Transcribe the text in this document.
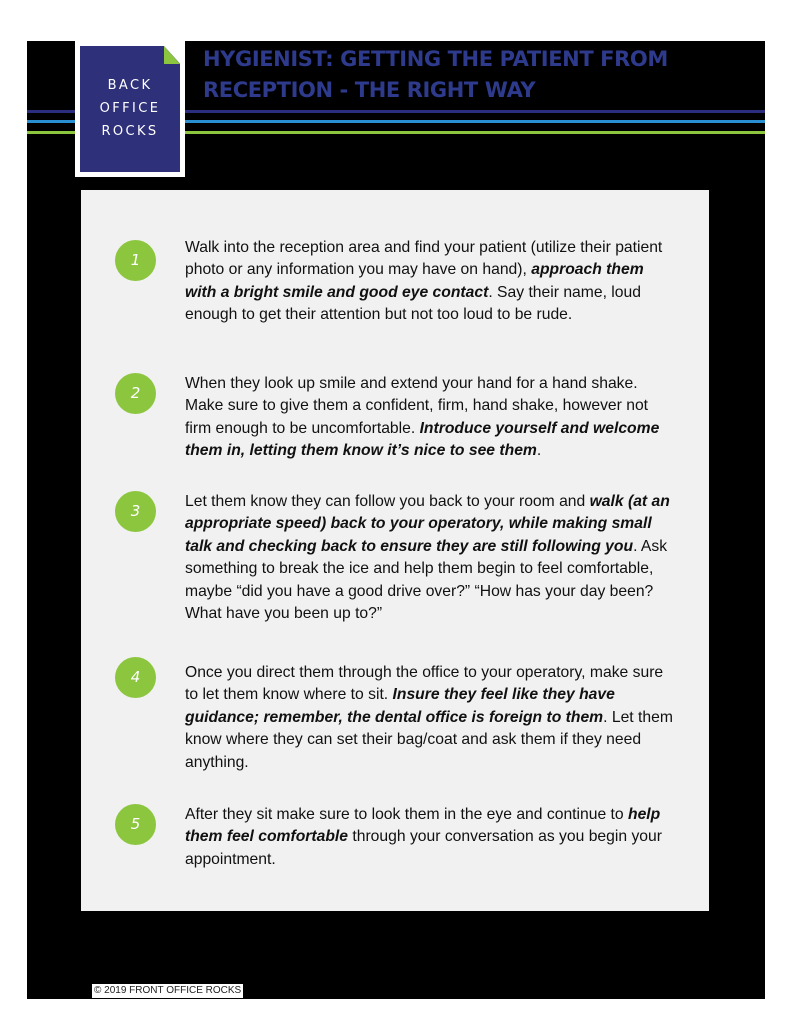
BACK
OFFICE
ROCKS
HYGIENIST: GETTING THE PATIENT FROM
RECEPTION - THE RIGHT WAY
1

Walk into the reception area and find your patient (utilize their patient photo or any information you may have on hand), approach them with a bright smile and good eye contact. Say their name, loud enough to get their attention but not too loud to be rude.

2

When they look up smile and extend your hand for a hand shake. Make sure to give them a confident, firm, hand shake, however not firm enough to be uncomfortable. Introduce yourself and welcome them in, letting them know it’s nice to see them.

3

Let them know they can follow you back to your room and walk (at an appropriate speed) back to your operatory, while making small talk and checking back to ensure they are still following you. Ask something to break the ice and help them begin to feel comfortable, maybe “did you have a good drive over?” “How has your day been? What have you been up to?”

4	Once you direct them through the office to your operatory, make sure to let them know where to sit. Insure they feel like they have guidance; remember, the dental office is foreign to them. Let them know where they can set their bag/coat and ask them if they need anything.

5

After they sit make sure to look them in the eye and continue to help them feel comfortable through your conversation as you begin your appointment.

© 2019 FRONT OFFICE ROCKS
